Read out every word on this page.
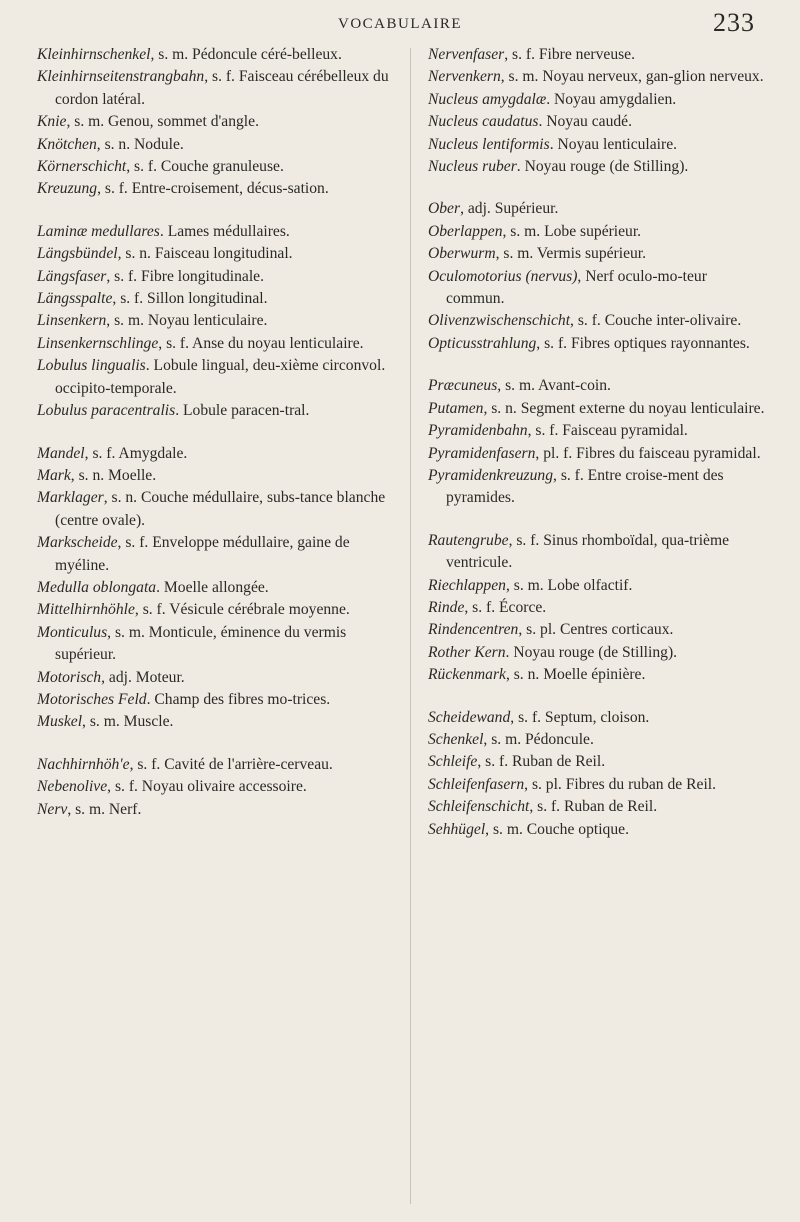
VOCABULAIRE	233
Kleinhirnschenkel, s. m. Pédoncule céré-belleux.
Kleinhirnseitenstrangbahn, s. f. Faisceau cérébelleux du cordon latéral.
Knie, s. m. Genou, sommet d'angle.
Knötchen, s. n. Nodule.
Körnerschicht, s. f. Couche granuleuse.
Kreuzung, s. f. Entre-croisement, décus-sation.
Laminæ medullares. Lames médullaires.
Längsbündel, s. n. Faisceau longitudinal.
Längsfaser, s. f. Fibre longitudinale.
Längsspalte, s. f. Sillon longitudinal.
Linsenkern, s. m. Noyau lenticulaire.
Linsenkernschlinge, s. f. Anse du noyau lenticulaire.
Lobulus lingualis. Lobule lingual, deu-xième circonvol. occipito-temporale.
Lobulus paracentralis. Lobule paracen-tral.
Mandel, s. f. Amygdale.
Mark, s. n. Moelle.
Marklager, s. n. Couche médullaire, subs-tance blanche (centre ovale).
Markscheide, s. f. Enveloppe médullaire, gaine de myéline.
Medulla oblongata. Moelle allongée.
Mittelhirnhöhle, s. f. Vésicule cérébrale moyenne.
Monticulus, s. m. Monticule, éminence du vermis supérieur.
Motorisch, adj. Moteur.
Motorisches Feld. Champ des fibres mo-trices.
Muskel, s. m. Muscle.
Nachhirnhöh'e, s. f. Cavité de l'arrière-cerveau.
Nebenolive, s. f. Noyau olivaire accessoire.
Nerv, s. m. Nerf.
Nervenfaser, s. f. Fibre nerveuse.
Nervenkern, s. m. Noyau nerveux, gan-glion nerveux.
Nucleus amygdalæ. Noyau amygdalien.
Nucleus caudatus. Noyau caudé.
Nucleus lentiformis. Noyau lenticulaire.
Nucleus ruber. Noyau rouge (de Stilling).
Ober, adj. Supérieur.
Oberlappen, s. m. Lobe supérieur.
Oberwurm, s. m. Vermis supérieur.
Oculomotorius (nervus), Nerf oculo-mo-teur commun.
Olivenzwischenschicht, s. f. Couche inter-olivaire.
Opticusstrahlung, s. f. Fibres optiques rayonnantes.
Præcuneus, s. m. Avant-coin.
Putamen, s. n. Segment externe du noyau lenticulaire.
Pyramidenbahn, s. f. Faisceau pyramidal.
Pyramidenfasern, pl. f. Fibres du faisceau pyramidal.
Pyramidenkreuzung, s. f. Entre croise-ment des pyramides.
Rautengrube, s. f. Sinus rhomboïdal, qua-trième ventricule.
Riechlappen, s. m. Lobe olfactif.
Rinde, s. f. Écorce.
Rindencentren, s. pl. Centres corticaux.
Rother Kern. Noyau rouge (de Stilling).
Rückenmark, s. n. Moelle épinière.
Scheidewand, s. f. Septum, cloison.
Schenkel, s. m. Pédoncule.
Schleife, s. f. Ruban de Reil.
Schleifenfasern, s. pl. Fibres du ruban de Reil.
Schleifenschicht, s. f. Ruban de Reil.
Sehhügel, s. m. Couche optique.
